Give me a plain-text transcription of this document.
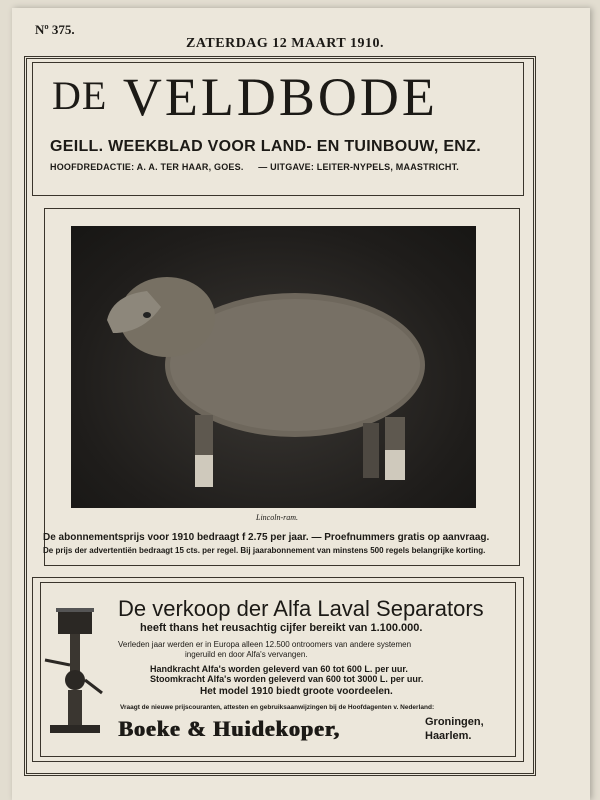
Nº 375.
ZATERDAG 12 MAART 1910.
DE VELDBODE
GEILL. WEEKBLAD VOOR LAND- EN TUINBOUW, ENZ.
HOOFDREDACTIE: A. A. TER HAAR, GOES. — UITGAVE: LEITER-NYPELS, MAASTRICHT.
Lincoln-ram.
De abonnementsprijs voor 1910 bedraagt f 2.75 per jaar. — Proefnummers gratis op aanvraag.
De prijs der advertentiën bedraagt 15 cts. per regel. Bij jaarabonnement van minstens 500 regels belangrijke korting.
De verkoop der Alfa Laval Separators
heeft thans het reusachtig cijfer bereikt van 1.100.000.
Verleden jaar werden er in Europa alleen 12.500 ontroomers van andere systemen
ingeruild en door Alfa's vervangen.
Handkracht Alfa's worden geleverd van 60 tot 600 L. per uur.
Stoomkracht Alfa's worden geleverd van 600 tot 3000 L. per uur.
Het model 1910 biedt groote voordeelen.
Vraagt de nieuwe prijscouranten, attesten en gebruiksaanwijzingen bij de Hoofdagenten v. Nederland:
Boeke & Huidekoper,	Groningen,
Haarlem.
